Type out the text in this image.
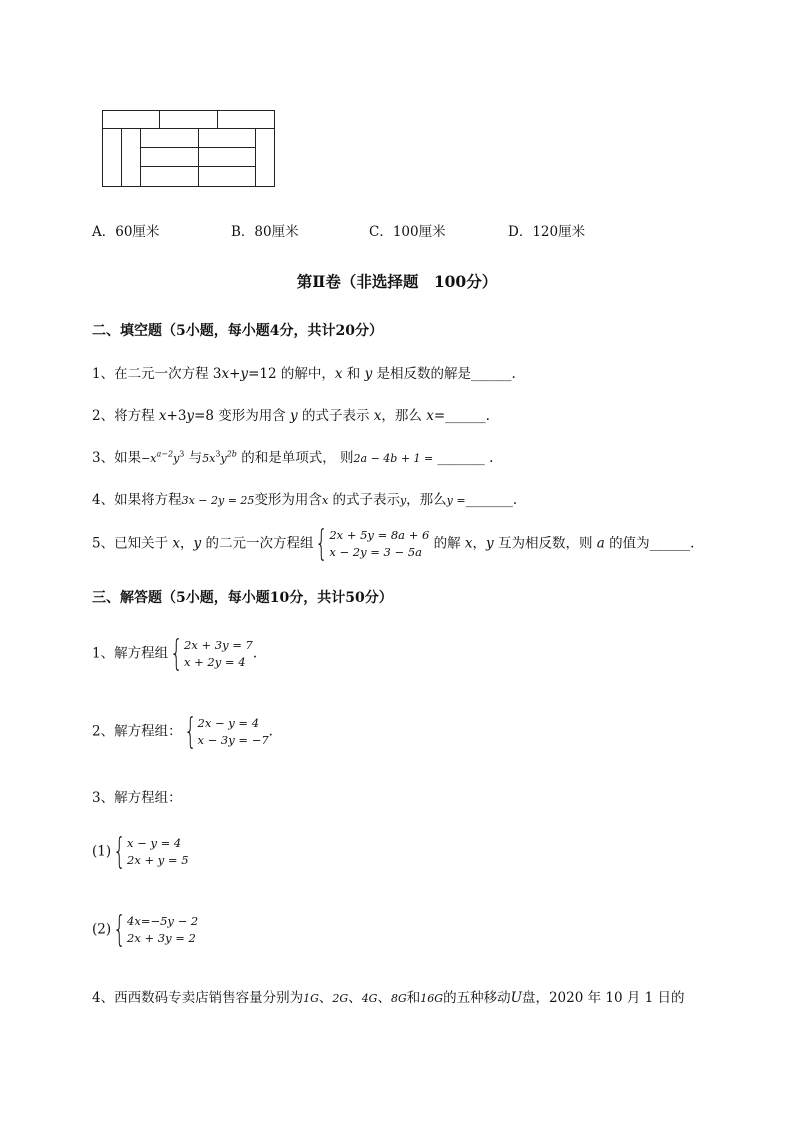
A．60厘米	B．80厘米	C．100厘米	D．120厘米
第Ⅱ卷（非选择题　100分）
二、填空题（5小题，每小题4分，共计20分）
1、在二元一次方程 3x+y=12 的解中，x 和 y 是相反数的解是______.
2、将方程 x+3y=8 变形为用含 y 的式子表示 x，那么 x=______.
3、如果$-x^{a-2}y^3$ 与$5x^3y^{2b}$ 的和是单项式， 则2a − 4b + 1 = _______ .
4、如果将方程3x − 2y = 25变形为用含x 的式子表示y，那么y =_______.
5、已知关于 x，y 的二元一次方程组 { 2x + 5y = 8a + 6
x − 2y = 3 − 5a
的解 x，y 互为相反数，则 a 的值为______.
三、解答题（5小题，每小题10分，共计50分）
1、解方程组 { 2x + 3y = 7
x + 2y = 4
.
2、解方程组： { 2x − y = 4
x − 3y = −7
.
3、解方程组：
(1) { x − y = 4
2x + y = 5
(2) { 4x=−5y − 2
2x + 3y = 2
4、西西数码专卖店销售容量分别为1G、2G、4G、8G和16G的五种移动U盘，2020 年 10 月 1 日的
